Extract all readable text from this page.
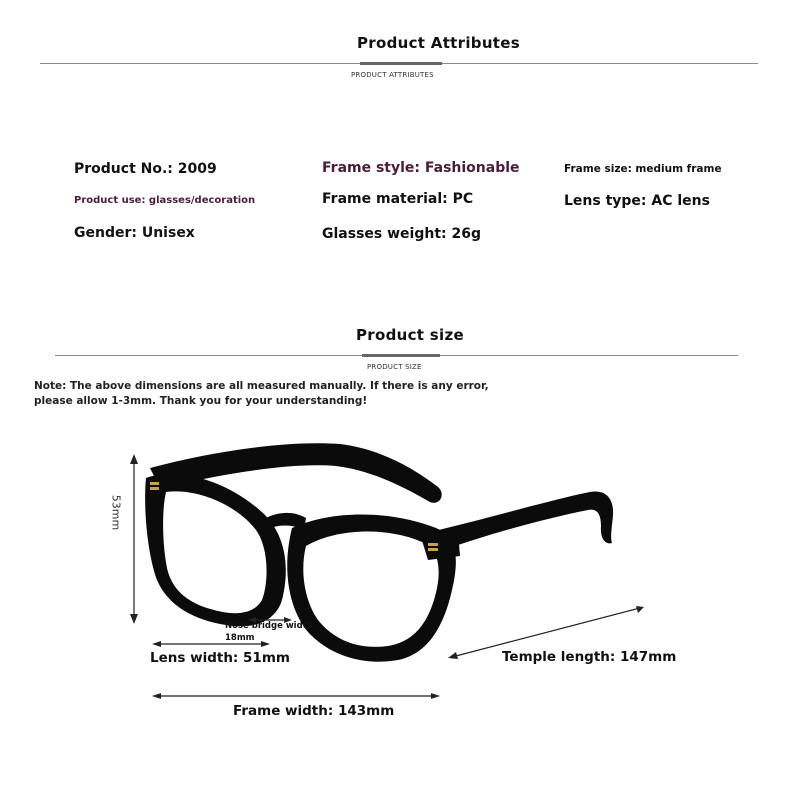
Product Attributes
PRODUCT ATTRIBUTES
Product No.: 2009
Product use: glasses/decoration
Gender: Unisex
Frame style: Fashionable
Frame material: PC
Glasses weight: 26g
Frame size: medium frame
Lens type: AC lens
Product size
PRODUCT SIZE
Note: The above dimensions are all measured manually. If there is any error,
please allow 1-3mm. Thank you for your understanding!
53mm
Nose bridge width:
18mm
Lens width: 51mm	Temple length: 147mm
Frame width: 143mm
